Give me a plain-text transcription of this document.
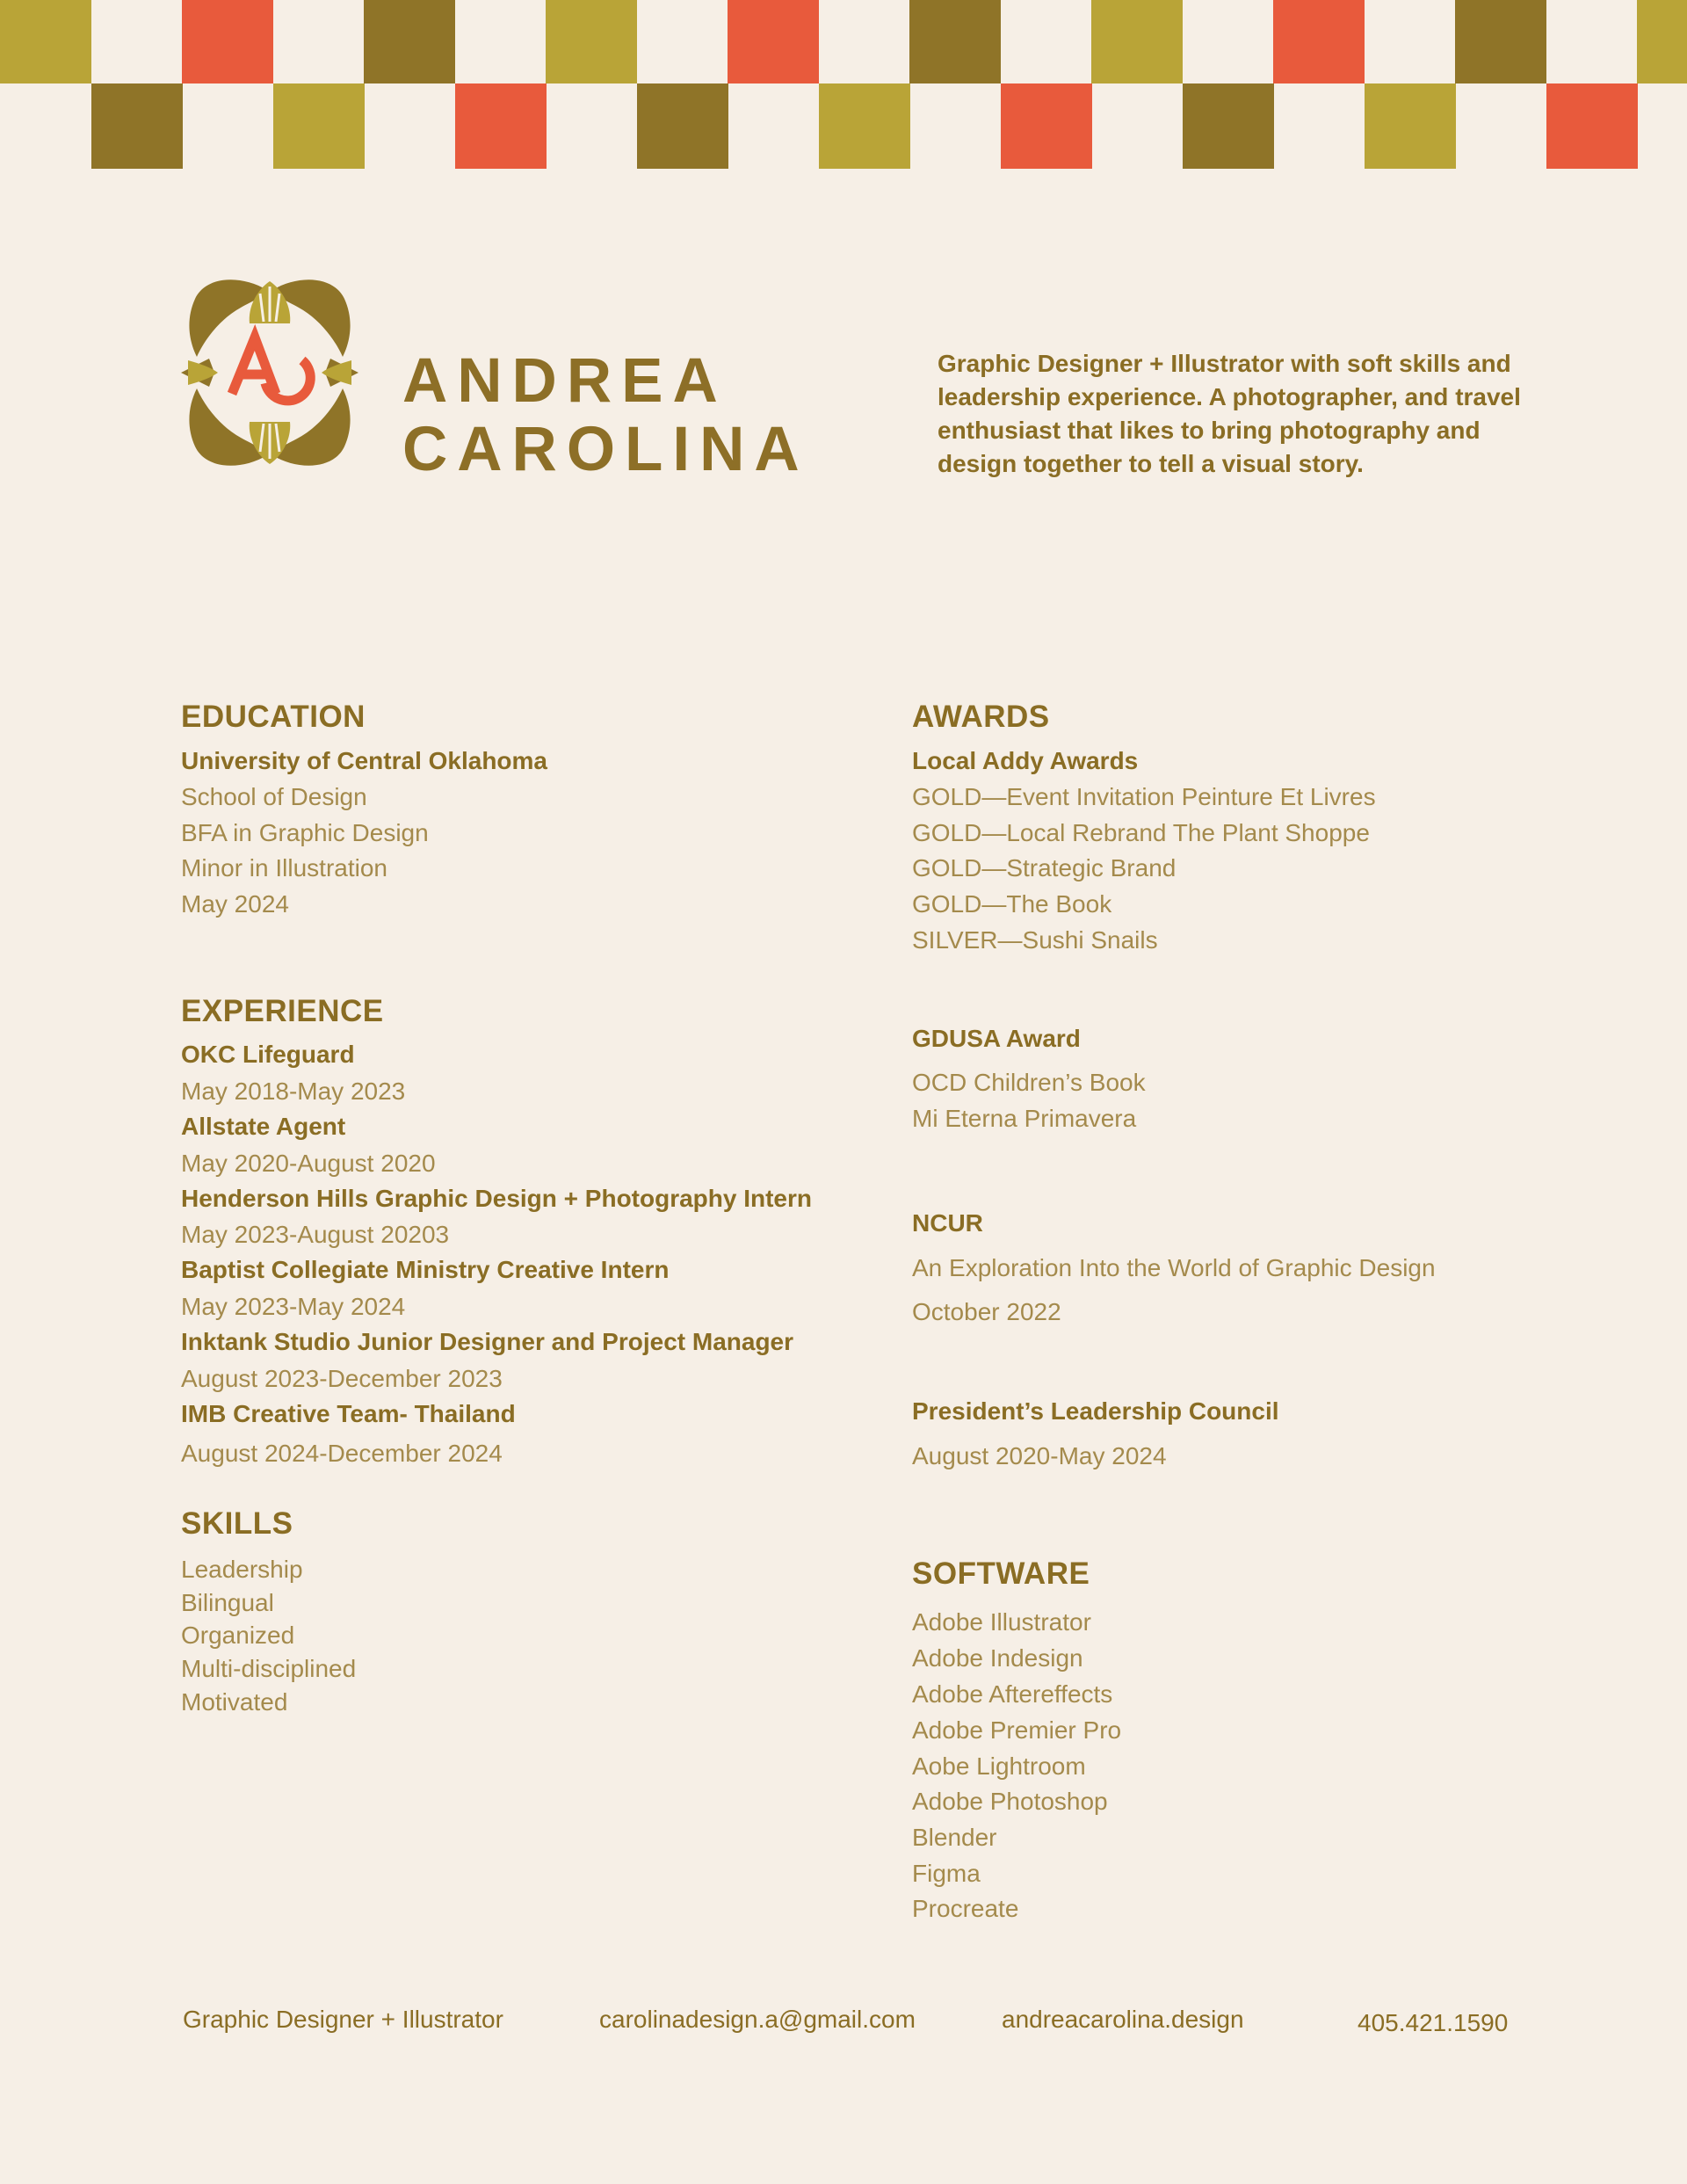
ANDREA
CAROLINA
Graphic Designer + Illustrator with soft skills and leadership experience. A photographer, and travel enthusiast that likes to bring photography and design together to tell a visual story.
EDUCATION
University of Central Oklahoma
School of Design
BFA in Graphic Design
Minor in Illustration
May 2024
EXPERIENCE
OKC Lifeguard
May 2018-May 2023
Allstate Agent
May 2020-August 2020
Henderson Hills Graphic Design + Photography Intern
May 2023-August 20203
Baptist Collegiate Ministry Creative Intern
May 2023-May 2024
Inktank Studio Junior Designer and Project Manager
August 2023-December 2023
IMB Creative Team- Thailand
August 2024-December 2024
SKILLS
Leadership
Bilingual
Organized
Multi-disciplined
Motivated
AWARDS
Local Addy Awards
GOLD—Event Invitation Peinture Et Livres
GOLD—Local Rebrand The Plant Shoppe
GOLD—Strategic Brand
GOLD—The Book
SILVER—Sushi Snails
GDUSA Award
OCD Children’s Book
Mi Eterna Primavera
NCUR
An Exploration Into the World of Graphic Design
October 2022
President’s Leadership Council
August 2020-May 2024
SOFTWARE
Adobe Illustrator
Adobe Indesign
Adobe Aftereffects
Adobe Premier Pro
Aobe Lightroom
Adobe Photoshop
Blender
Figma
Procreate
Graphic Designer + Illustrator	carolinadesign.a@gmail.com	andreacarolina.design	405.421.1590
